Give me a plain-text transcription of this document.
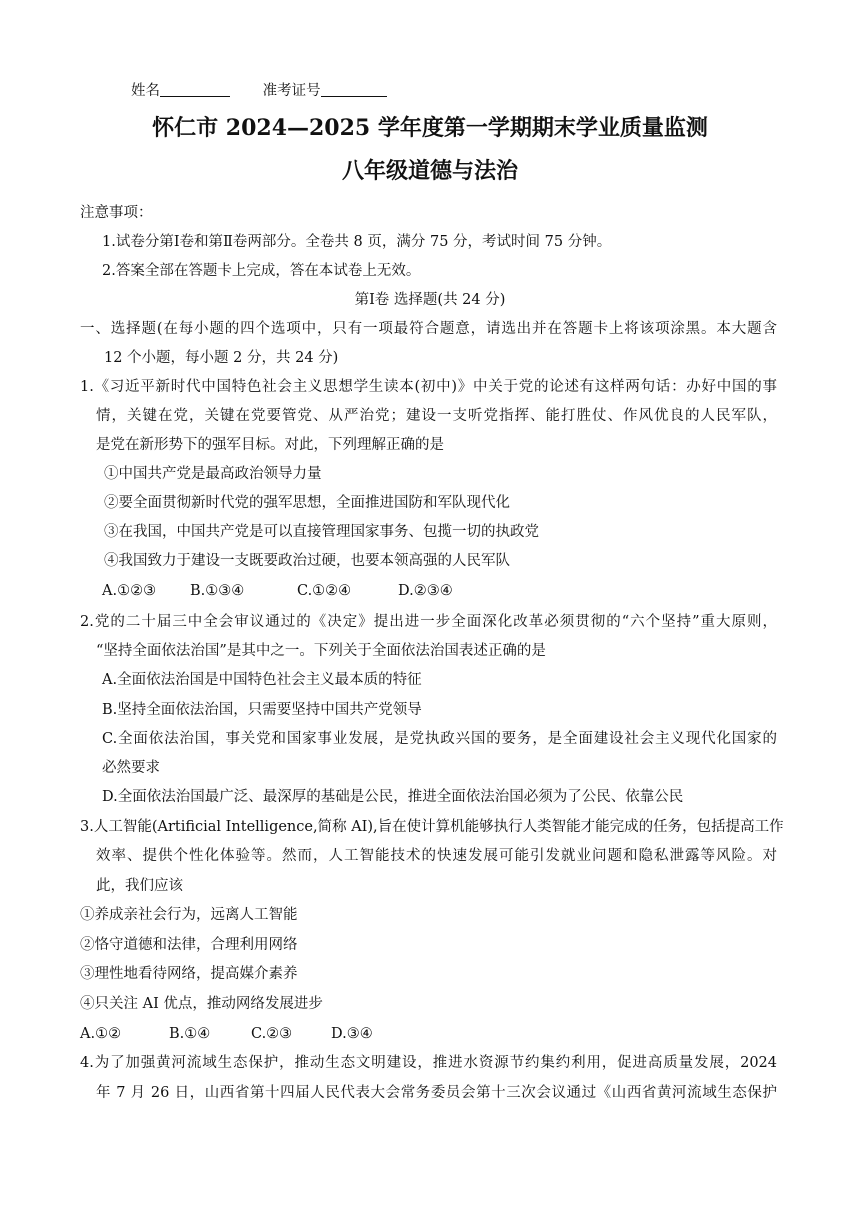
姓名	准考证号
怀仁市 2024—2025 学年度第一学期期末学业质量监测
八年级道德与法治
注意事项：
1.试卷分第Ⅰ卷和第Ⅱ卷两部分。全卷共 8 页，满分 75 分，考试时间 75 分钟。
2.答案全部在答题卡上完成，答在本试卷上无效。
第Ⅰ卷 选择题(共 24 分)
一、选择题(在每小题的四个选项中，只有一项最符合题意，请选出并在答题卡上将该项涂黑。本大题含
12 个小题，每小题 2 分，共 24 分)
1.《习近平新时代中国特色社会主义思想学生读本(初中)》中关于党的论述有这样两句话：办好中国的事
情，关键在党，关键在党要管党、从严治党；建设一支听党指挥、能打胜仗、作风优良的人民军队，
是党在新形势下的强军目标。对此，下列理解正确的是
①中国共产党是最高政治领导力量
②要全面贯彻新时代党的强军思想，全面推进国防和军队现代化
③在我国，中国共产党是可以直接管理国家事务、包揽一切的执政党
④我国致力于建设一支既要政治过硬，也要本领高强的人民军队
A.①②③ B.①③④	C.①②④	D.②③④
2.党的二十届三中全会审议通过的《决定》提出进一步全面深化改革必须贯彻的“六个坚持”重大原则，
“坚持全面依法治国”是其中之一。下列关于全面依法治国表述正确的是
A.全面依法治国是中国特色社会主义最本质的特征
B.坚持全面依法治国，只需要坚持中国共产党领导
C.全面依法治国，事关党和国家事业发展，是党执政兴国的要务，是全面建设社会主义现代化国家的
必然要求
D.全面依法治国最广泛、最深厚的基础是公民，推进全面依法治国必须为了公民、依靠公民
3.人工智能(Artificial Intelligence,简称 AI),旨在使计算机能够执行人类智能才能完成的任务，包括提高工作
效率、提供个性化体验等。然而，人工智能技术的快速发展可能引发就业问题和隐私泄露等风险。对
此，我们应该
①养成亲社会行为，远离人工智能
②恪守道德和法律，合理利用网络
③理性地看待网络，提高媒介素养
④只关注 AI 优点，推动网络发展进步
A.①②	B.①④	C.②③	D.③④
4.为了加强黄河流域生态保护，推动生态文明建设，推进水资源节约集约利用，促进高质量发展，2024
年 7 月 26 日，山西省第十四届人民代表大会常务委员会第十三次会议通过《山西省黄河流域生态保护
